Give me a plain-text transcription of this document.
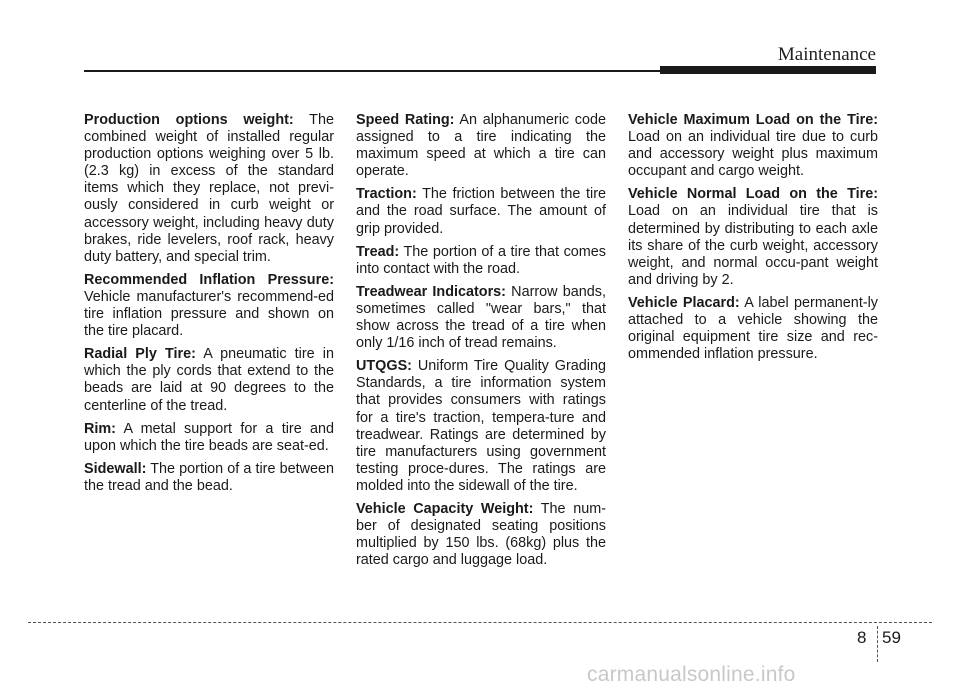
Maintenance

Production options weight: The combined weight of installed regular production options weighing over 5 lb.(2.3 kg) in excess of the standard items which they replace, not previ-ously considered in curb weight or accessory weight, including heavy duty brakes, ride levelers, roof rack, heavy duty battery, and special trim.

Recommended Inflation Pressure: Vehicle manufacturer's recommend-ed tire inflation pressure and shown on the tire placard.

Radial Ply Tire: A pneumatic tire in which the ply cords that extend to the beads are laid at 90 degrees to the centerline of the tread.

Rim: A metal support for a tire and upon which the tire beads are seat-ed.

Sidewall: The portion of a tire between the tread and the bead.

Speed Rating: An alphanumeric code assigned to a tire indicating the maximum speed at which a tire can operate.

Traction: The friction between the tire and the road surface. The amount of grip provided.

Tread: The portion of a tire that comes into contact with the road.

Treadwear Indicators: Narrow bands, sometimes called "wear bars," that show across the tread of a tire when only 1/16 inch of tread remains.

UTQGS: Uniform Tire Quality Grading Standards, a tire information system that provides consumers with ratings for a tire's traction, tempera-ture and treadwear. Ratings are determined by tire manufacturers using government testing proce-dures. The ratings are molded into the sidewall of the tire.

Vehicle Capacity Weight: The num-ber of designated seating positions multiplied by 150 lbs. (68kg) plus the rated cargo and luggage load.

Vehicle Maximum Load on the Tire: Load on an individual tire due to curb and accessory weight plus maximum occupant and cargo weight.

Vehicle Normal Load on the Tire: Load on an individual tire that is determined by distributing to each axle its share of the curb weight, accessory weight, and normal occu-pant weight and driving by 2.

Vehicle Placard: A label permanent-ly attached to a vehicle showing the original equipment tire size and rec-ommended inflation pressure.

8 59
carmanualsonline.info
